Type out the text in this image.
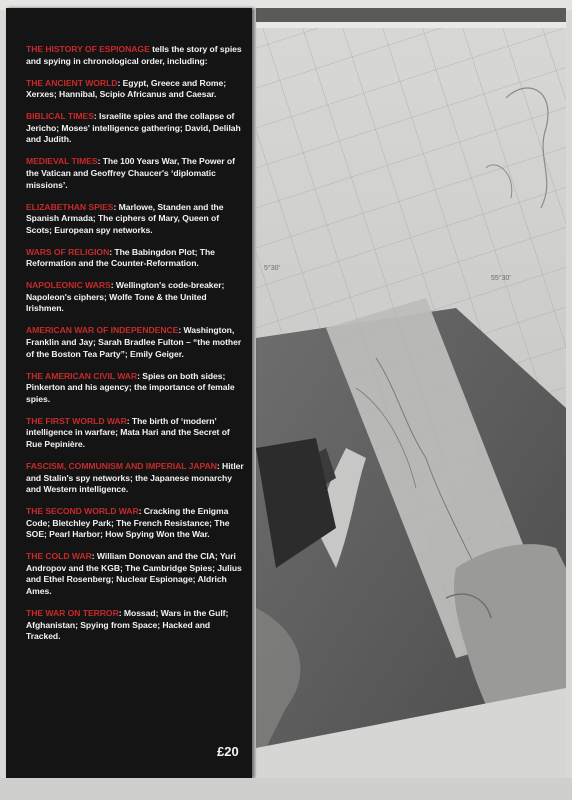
5°30'
55°30'

THE HISTORY OF ESPIONAGE tells the story of spies and spying in chronological order, including:

THE ANCIENT WORLD: Egypt, Greece and Rome; Xerxes; Hannibal, Scipio Africanus and Caesar.

BIBLICAL TIMES: Israelite spies and the collapse of Jericho; Moses' intelligence gathering; David, Delilah and Judith.

MEDIEVAL TIMES: The 100 Years War, The Power of the Vatican and Geoffrey Chaucer's ‘diplomatic missions’.

ELIZABETHAN SPIES: Marlowe, Standen and the Spanish Armada; The ciphers of Mary, Queen of Scots; European spy networks.

WARS OF RELIGION: The Babingdon Plot; The Reformation and the Counter-Reformation.

NAPOLEONIC WARS: Wellington's code-breaker; Napoleon's ciphers; Wolfe Tone & the United Irishmen.

AMERICAN WAR OF INDEPENDENCE: Washington, Franklin and Jay; Sarah Bradlee Fulton – “the mother of the Boston Tea Party”; Emily Geiger.

THE AMERICAN CIVIL WAR: Spies on both sides; Pinkerton and his agency; the importance of female spies.

THE FIRST WORLD WAR: The birth of ‘modern’ intelligence in warfare; Mata Hari and the Secret of Rue Pepinière.

FASCISM, COMMUNISM AND IMPERIAL JAPAN: Hitler and Stalin's spy networks; the Japanese monarchy and Western intelligence.

THE SECOND WORLD WAR: Cracking the Enigma Code; Bletchley Park; The French Resistance; The SOE; Pearl Harbor; How Spying Won the War.

THE COLD WAR: William Donovan and the CIA; Yuri Andropov and the KGB; The Cambridge Spies; Julius and Ethel Rosenberg; Nuclear Espionage; Aldrich Ames.

THE WAR ON TERROR: Mossad; Wars in the Gulf; Afghanistan; Spying from Space; Hacked and Tracked.

£20
